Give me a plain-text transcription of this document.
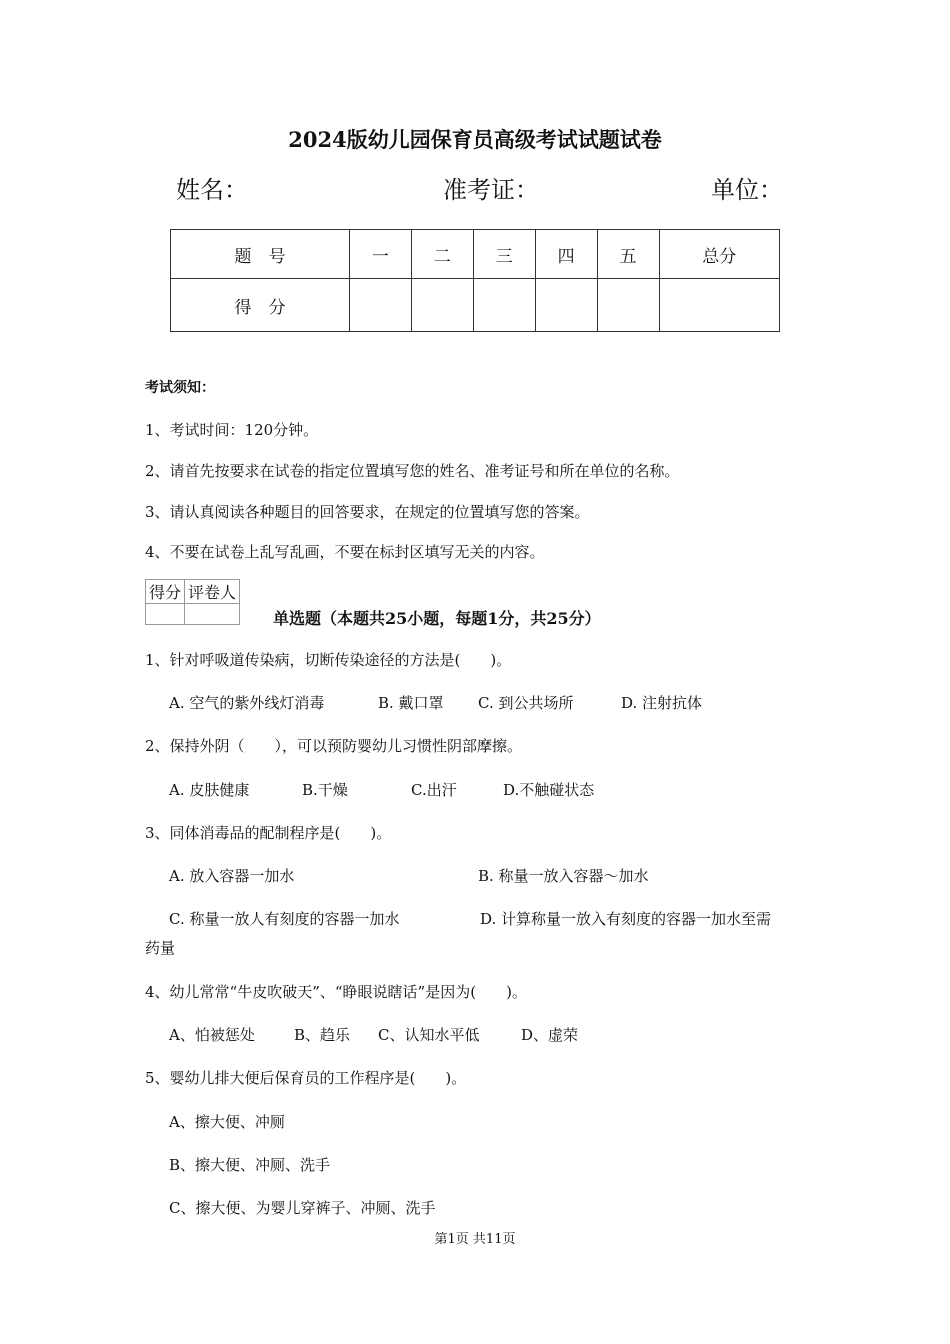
2024版幼儿园保育员高级考试试题试卷
姓名：	准考证：	单位：
题　号	一	二	三	四	五	总分
得　分						
考试须知：
1、考试时间：120分钟。
2、请首先按要求在试卷的指定位置填写您的姓名、准考证号和所在单位的名称。
3、请认真阅读各种题目的回答要求，在规定的位置填写您的答案。
4、不要在试卷上乱写乱画，不要在标封区填写无关的内容。
得分	评卷人

单选题（本题共25小题，每题1分，共25分）
1、针对呼吸道传染病，切断传染途径的方法是(　　)。
A. 空气的紫外线灯消毒	B. 戴口罩 C. 到公共场所	D. 注射抗体
2、保持外阴（　　），可以预防婴幼儿习惯性阴部摩擦。
A. 皮肤健康	B.干燥	C.出汗	D.不触碰状态
3、同体消毒品的配制程序是(　　)。
A. 放入容器一加水	B. 称量一放入容器～加水
C. 称量一放人有刻度的容器一加水	D. 计算称量一放入有刻度的容器一加水至需
药量
4、幼儿常常“牛皮吹破天”、“睁眼说瞎话”是因为(　　)。
A、怕被惩处	B、趋乐 C、认知水平低	D、虚荣
5、婴幼儿排大便后保育员的工作程序是(　　)。
A、擦大便、冲厕
B、擦大便、冲厕、洗手
C、擦大便、为婴儿穿裤子、冲厕、洗手
第1页 共11页
